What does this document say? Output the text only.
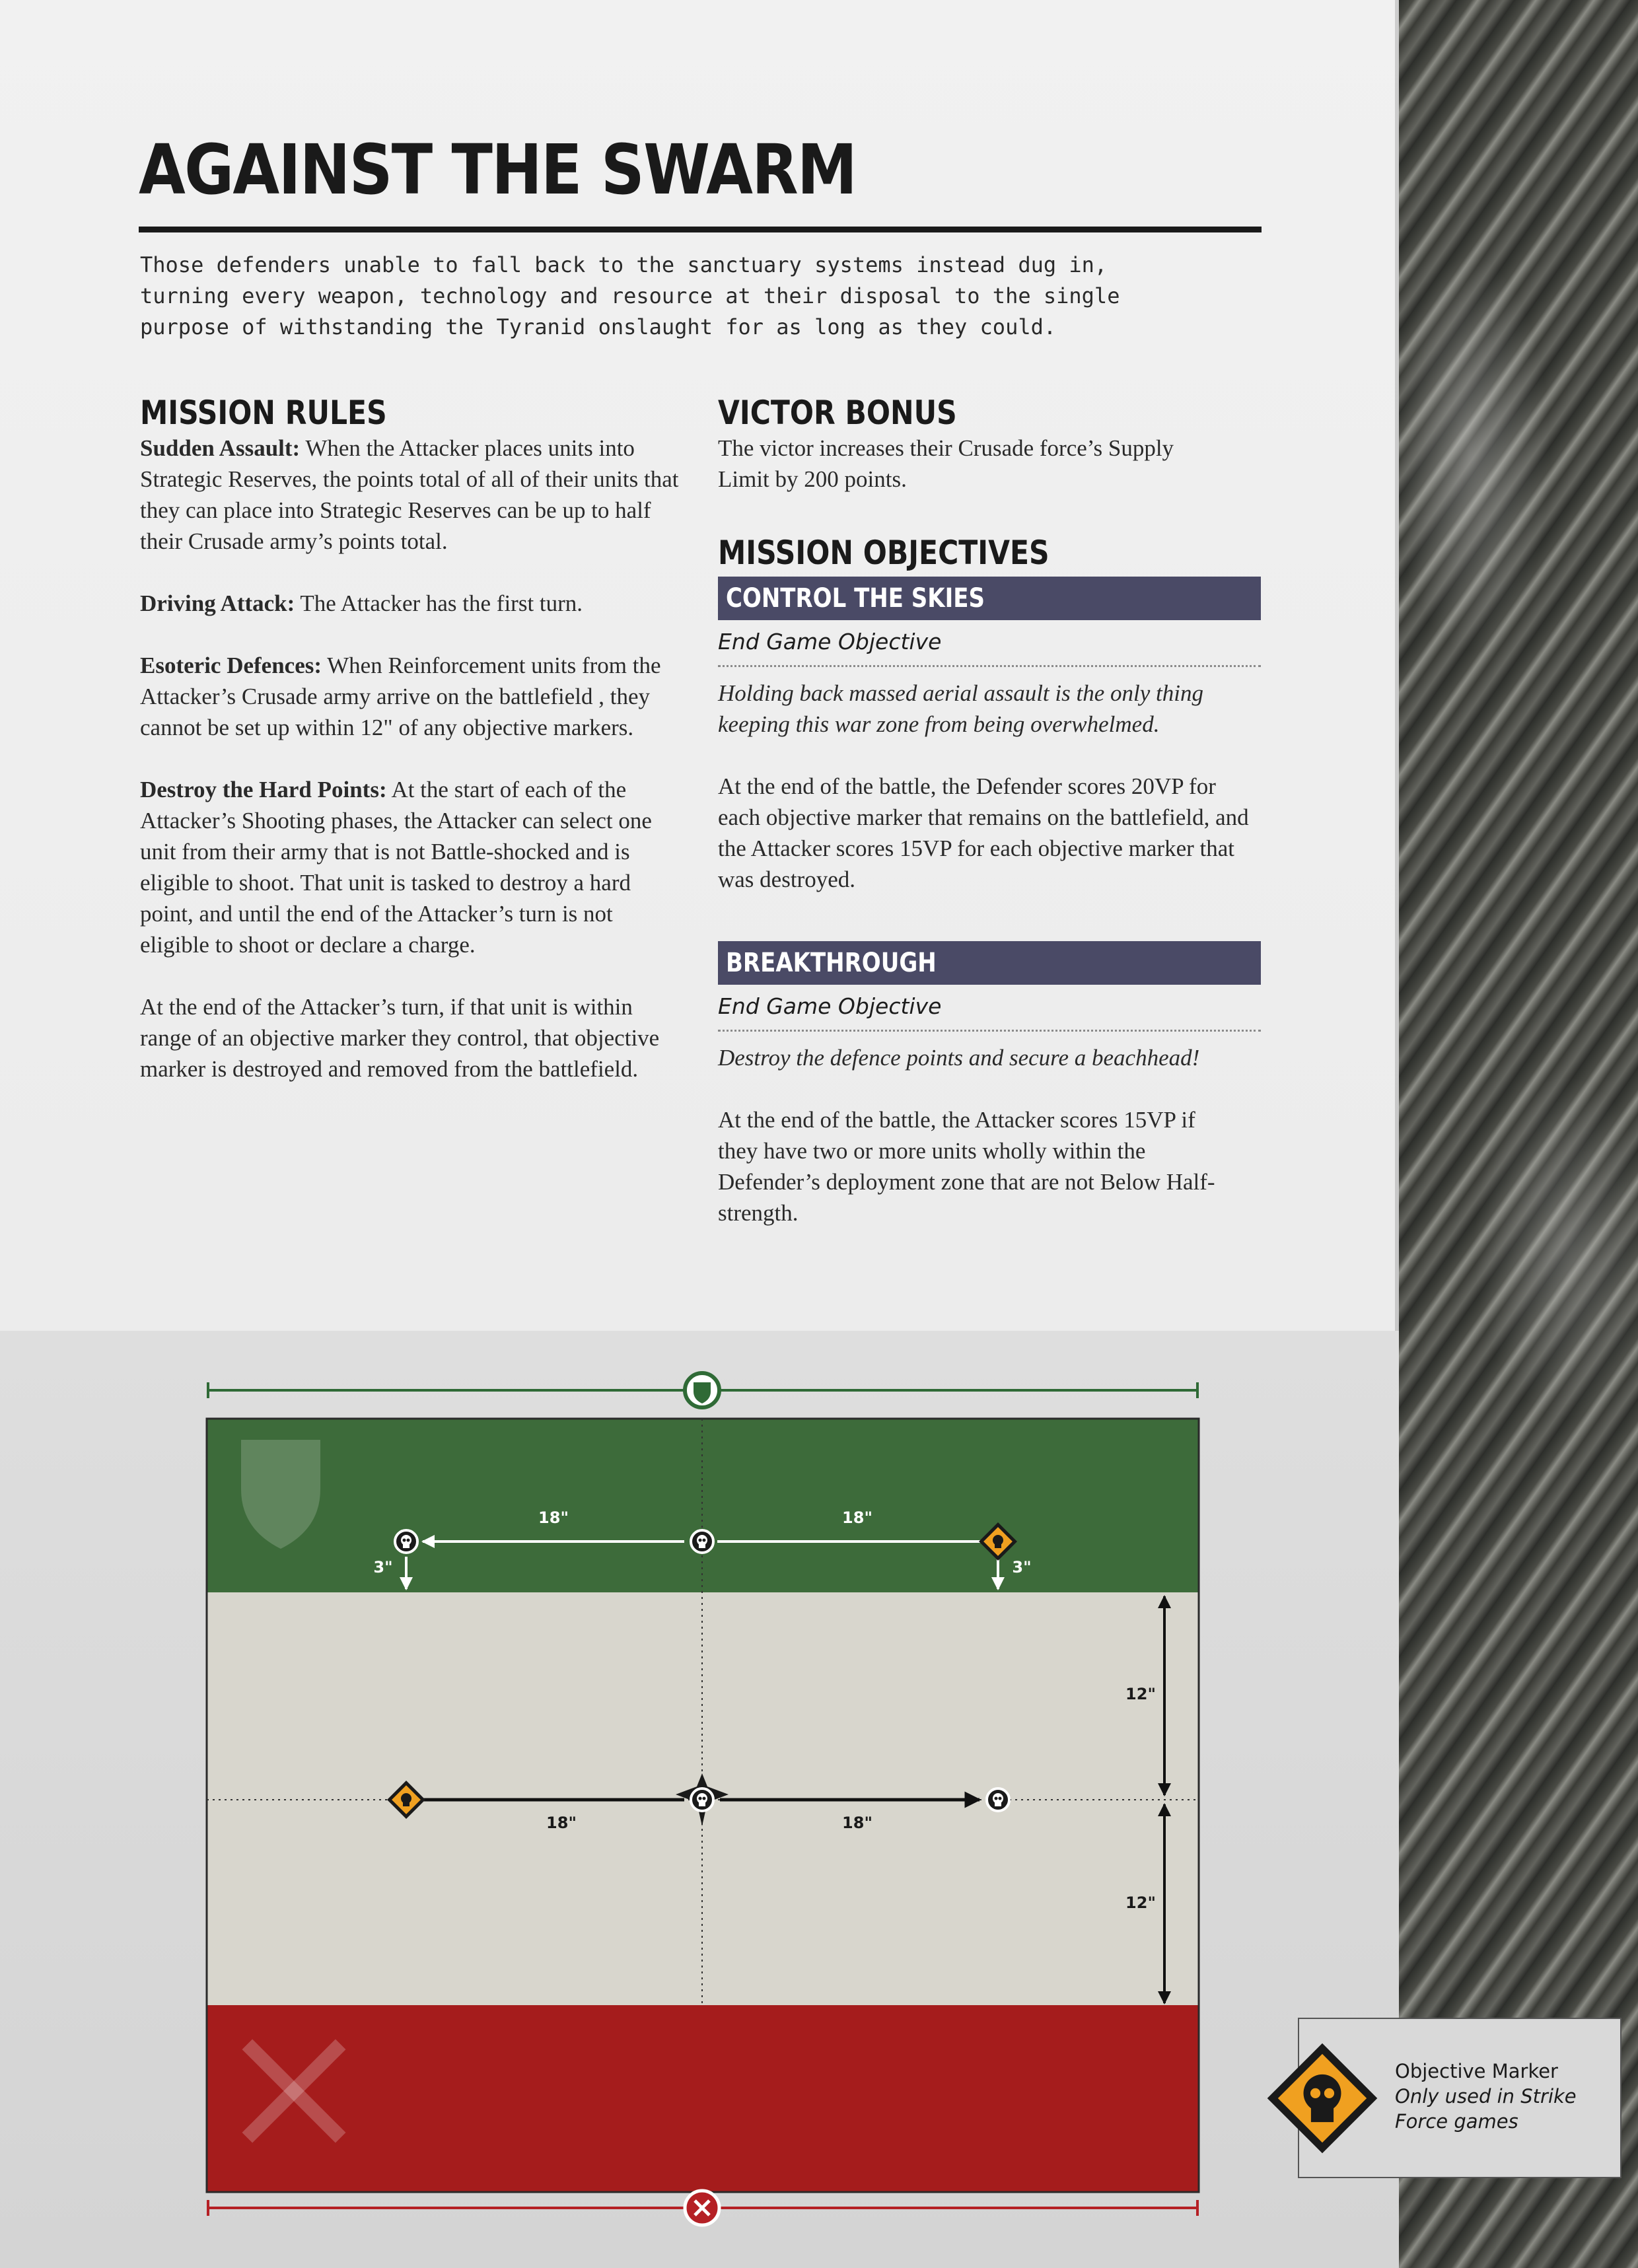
AGAINST THE SWARM
Those defenders unable to fall back to the sanctuary systems instead dug in,
turning every weapon, technology and resource at their disposal to the single
purpose of withstanding the Tyranid onslaught for as long as they could.
MISSION RULES

Sudden Assault: When the Attacker places units into Strategic Reserves, the points total of all of their units that they can place into Strategic Reserves can be up to half their Crusade army’s points total.

Driving Attack: The Attacker has the first turn.

Esoteric Defences: When Reinforcement units from the Attacker’s Crusade army arrive on the battlefield , they cannot be set up within 12" of any objective markers.

Destroy the Hard Points: At the start of each of the Attacker’s Shooting phases, the Attacker can select one unit from their army that is not Battle-shocked and is eligible to shoot. That unit is tasked to destroy a hard point, and until the end of the Attacker’s turn is not eligible to shoot or declare a charge.

At the end of the Attacker’s turn, if that unit is within range of an objective marker they control, that objective marker is destroyed and removed from the battlefield.

VICTOR BONUS

The victor increases their Crusade force’s Supply Limit by 200 points.

MISSION OBJECTIVES
CONTROL THE SKIES

End Game Objective

Holding back massed aerial assault is the only thing keeping this war zone from being overwhelmed.

At the end of the battle, the Defender scores 20VP for each objective marker that remains on the battlefield, and the Attacker scores 15VP for each objective marker that was destroyed.

BREAKTHROUGH

End Game Objective

Destroy the defence points and secure a beachhead!

At the end of the battle, the Attacker scores 15VP if they have two or more units wholly within the Defender’s deployment zone that are not Below Half-strength.

18"	18"
3"	3"
18"	18"
12"
12"
Objective Marker
Only used in Strike Force games
